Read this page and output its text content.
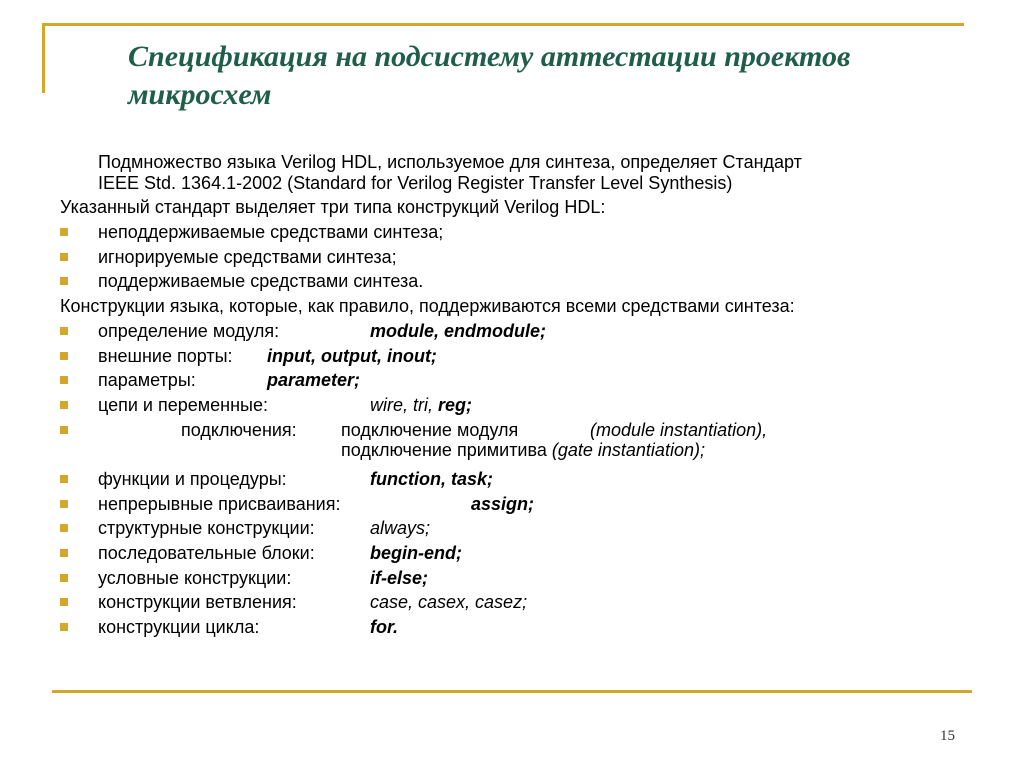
Спецификация на подсистему аттестации проектов микросхем
Подмножество языка Verilog HDL, используемое для синтеза, определяет Стандарт
IEEE Std. 1364.1-2002 (Standard for Verilog Register Transfer Level Synthesis)
Указанный стандарт выделяет три типа конструкций Verilog HDL:
неподдерживаемые средствами синтеза;
игнорируемые средствами синтеза;
поддерживаемые средствами синтеза.
Конструкции языка, которые, как правило, поддерживаются всеми средствами синтеза:
определение модуля:	module, endmodule;
внешние порты: input, output, inout;
параметры:	parameter;
цепи и переменные:	wire, tri, reg;
подключения: подключение модуля	(module instantiation),
подключение примитива (gate instantiation);
функции и процедуры:	function, task;
непрерывные присваивания:	assign;
структурные конструкции:	always;
последовательные блоки:	begin-end;
условные конструкции:	if-else;
конструкции ветвления:	case, casex, casez;
конструкции цикла:	for.
15
